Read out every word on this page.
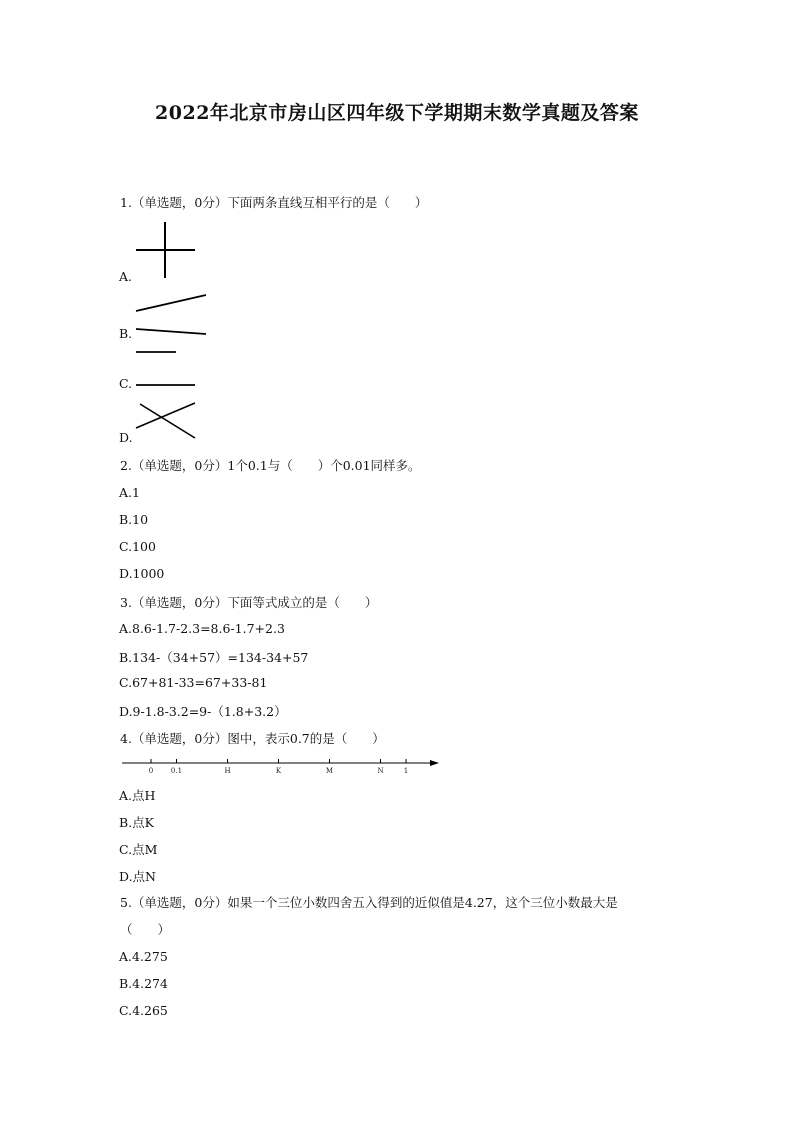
2022年北京市房山区四年级下学期期末数学真题及答案
1.（单选题，0分）下面两条直线互相平行的是（　　）
A.
B.
C.
D.
2.（单选题，0分）1个0.1与（　　）个0.01同样多。
A.1
B.10
C.100
D.1000
3.（单选题，0分）下面等式成立的是（　　）
A.8.6-1.7-2.3=8.6-1.7+2.3
B.134-（34+57）=134-34+57
C.67+81-33=67+33-81
D.9-1.8-3.2=9-（1.8+3.2）
4.（单选题，0分）图中，表示0.7的是（　　）
0	0.1	H	K	M	N	1
A.点H
B.点K
C.点M
D.点N
5.（单选题，0分）如果一个三位小数四舍五入得到的近似值是4.27，这个三位小数最大是
（　　）
A.4.275
B.4.274
C.4.265
